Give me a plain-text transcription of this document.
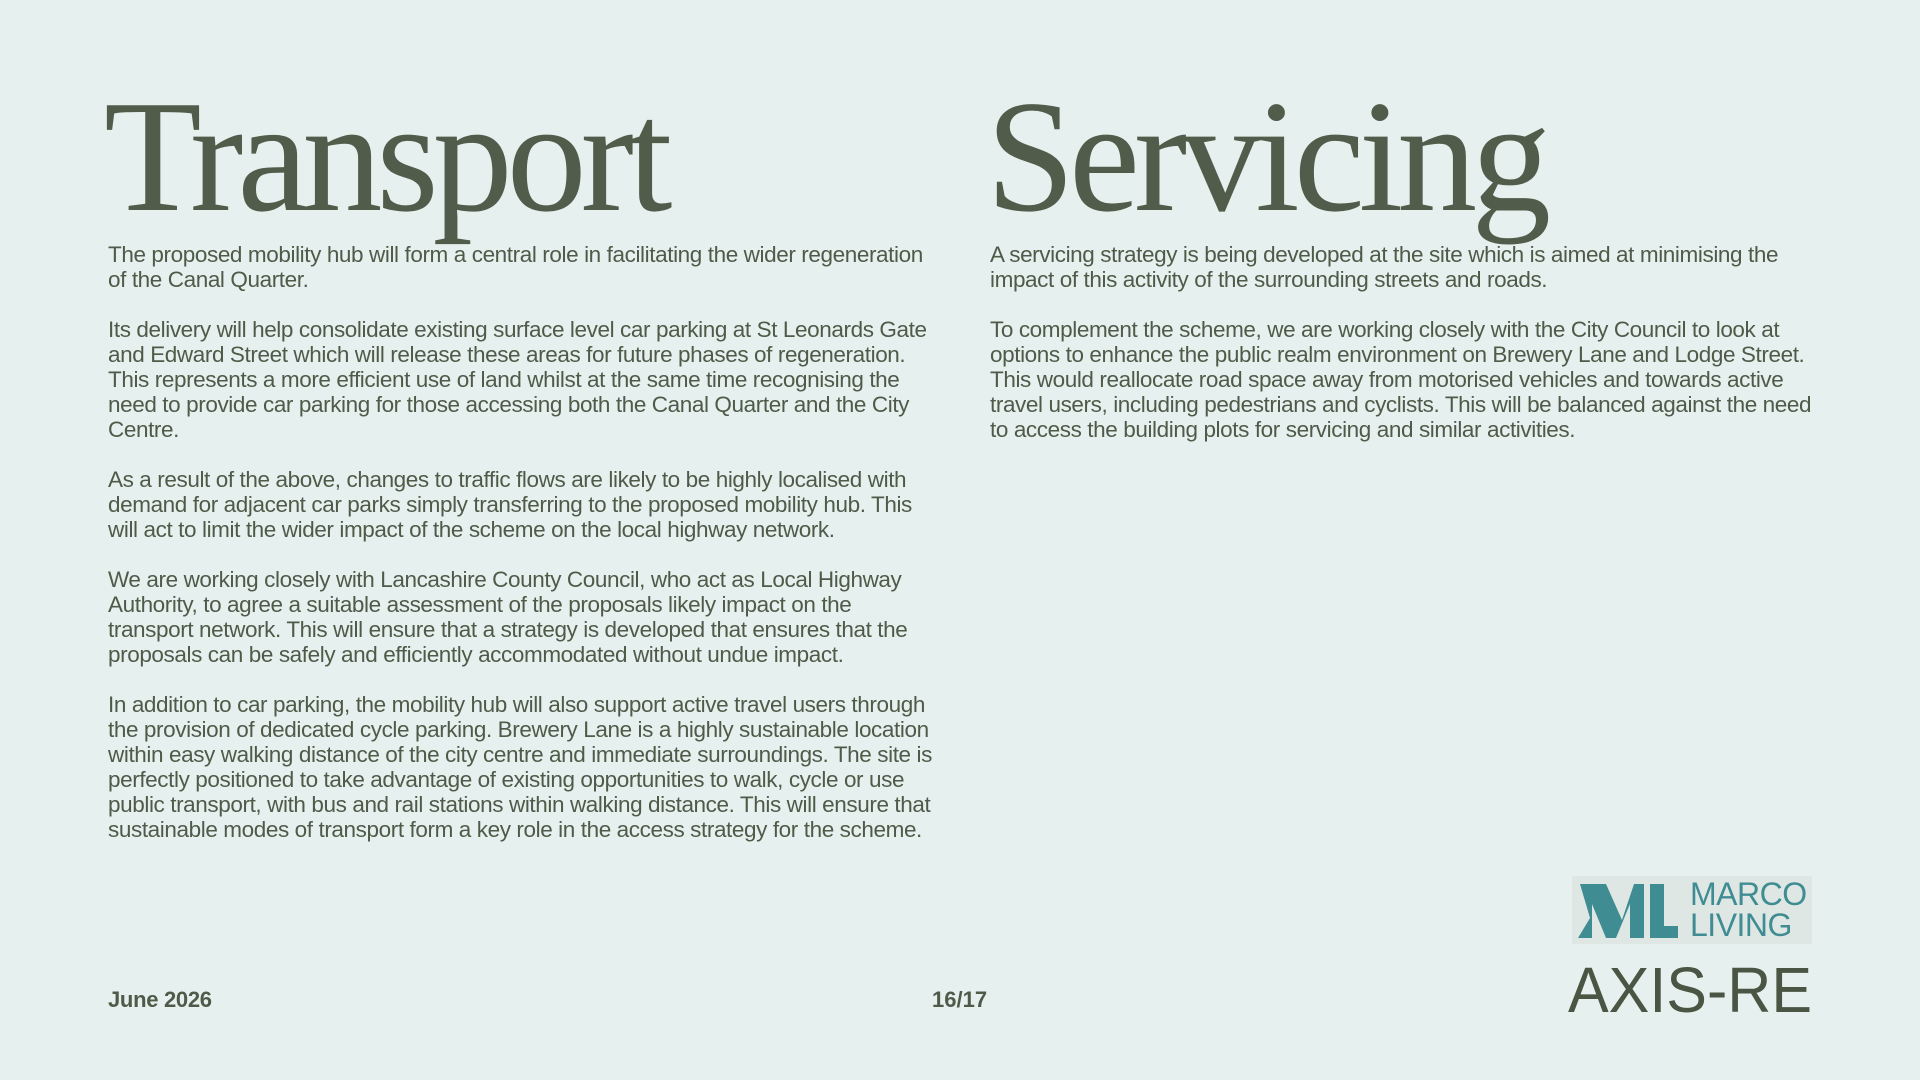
Transport

The proposed mobility hub will form a central role in facilitating the wider regeneration of the Canal Quarter.

Its delivery will help consolidate existing surface level car parking at St Leonards Gate and Edward Street which will release these areas for future phases of regeneration. This represents a more efficient use of land whilst at the same time recognising the need to provide car parking for those accessing both the Canal Quarter and the City Centre.

As a result of the above, changes to traffic flows are likely to be highly localised with demand for adjacent car parks simply transferring to the proposed mobility hub. This will act to limit the wider impact of the scheme on the local highway network.

We are working closely with Lancashire County Council, who act as Local Highway Authority, to agree a suitable assessment of the proposals likely impact on the transport network. This will ensure that a strategy is developed that ensures that the proposals can be safely and efficiently accommodated without undue impact.

In addition to car parking, the mobility hub will also support active travel users through the provision of dedicated cycle parking. Brewery Lane is a highly sustainable location within easy walking distance of the city centre and immediate surroundings. The site is perfectly positioned to take advantage of existing opportunities to walk, cycle or use public transport, with bus and rail stations within walking distance. This will ensure that sustainable modes of transport form a key role in the access strategy for the scheme.

Servicing

A servicing strategy is being developed at the site which is aimed at minimising the impact of this activity of the surrounding streets and roads.

To complement the scheme, we are working closely with the City Council to look at options to enhance the public realm environment on Brewery Lane and Lodge Street. This would reallocate road space away from motorised vehicles and towards active travel users, including pedestrians and cyclists. This will be balanced against the need to access the building plots for servicing and similar activities.

June 2026	16/17
MARCO
LIVING
AXIS-RE
